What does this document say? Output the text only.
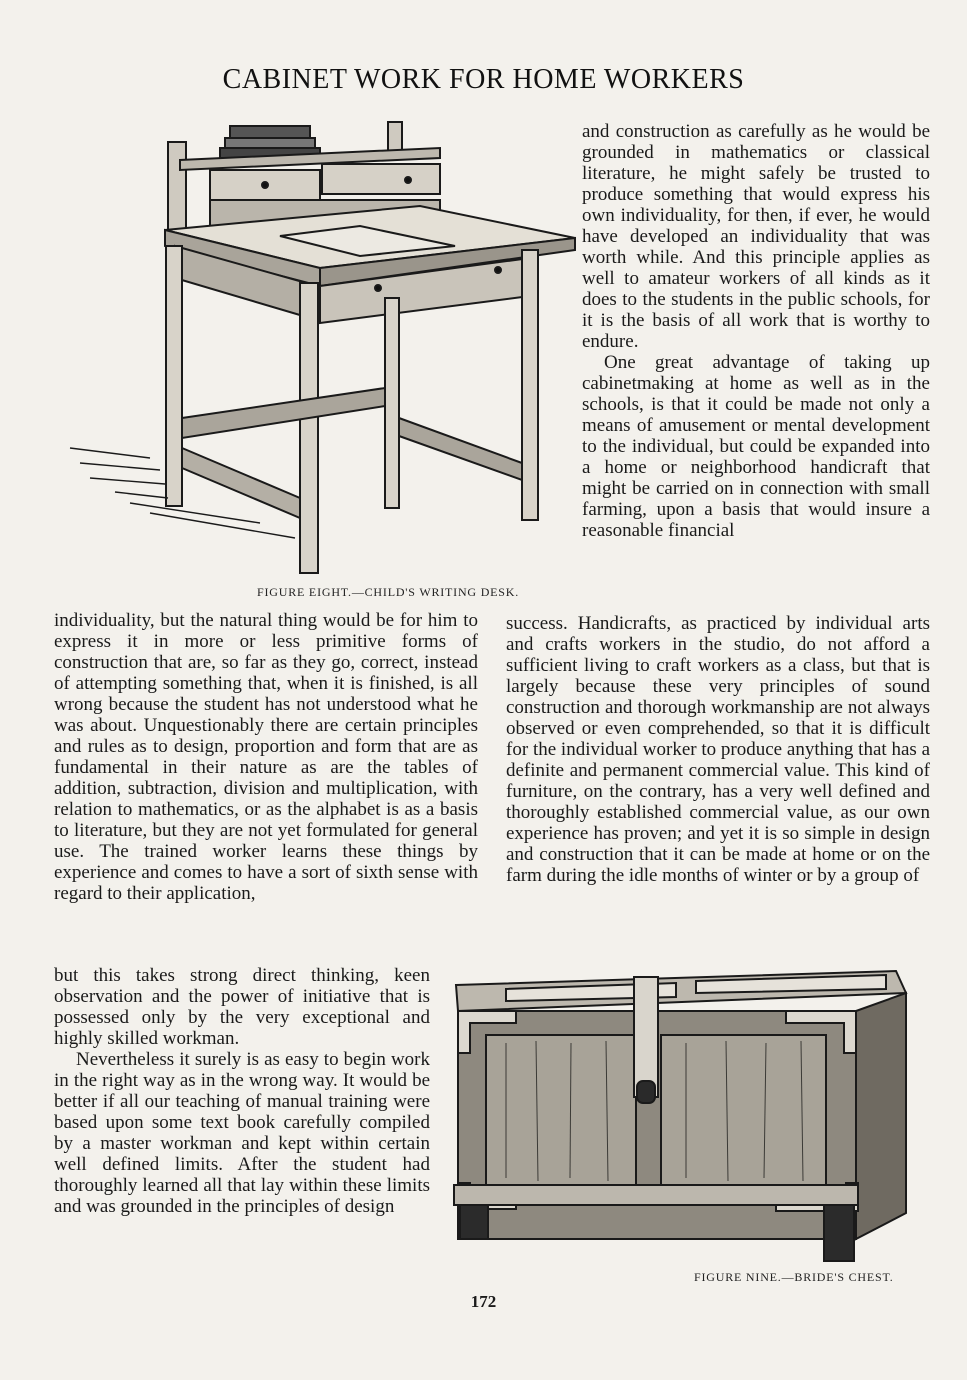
CABINET WORK FOR HOME WORKERS
FIGURE EIGHT.—CHILD'S WRITING DESK.

and construction as carefully as he would be grounded in mathematics or classical literature, he might safely be trusted to produce something that would express his own individuality, for then, if ever, he would have developed an individuality that was worth while. And this principle applies as well to amateur workers of all kinds as it does to the students in the public schools, for it is the basis of all work that is worthy to endure.

One great advantage of taking up cabinetmaking at home as well as in the schools, is that it could be made not only a means of amusement or mental development to the individual, but could be expanded into a home or neighborhood handicraft that might be carried on in connection with small farming, upon a basis that would insure a reasonable financial

individuality, but the natural thing would be for him to express it in more or less primitive forms of construction that are, so far as they go, correct, instead of attempting something that, when it is finished, is all wrong because the student has not understood what he was about. Unquestionably there are certain principles and rules as to design, proportion and form that are as fundamental in their nature as are the tables of addition, subtraction, division and multiplication, with relation to mathematics, or as the alphabet is as a basis to literature, but they are not yet formulated for general use. The trained worker learns these things by experience and comes to have a sort of sixth sense with regard to their application,

success. Handicrafts, as practiced by individual arts and crafts workers in the studio, do not afford a sufficient living to craft workers as a class, but that is largely because these very principles of sound construction and thorough workmanship are not always observed or even comprehended, so that it is difficult for the individual worker to produce anything that has a definite and permanent commercial value. This kind of furniture, on the contrary, has a very well defined and thoroughly established commercial value, as our own experience has proven; and yet it is so simple in design and construction that it can be made at home or on the farm during the idle months of winter or by a group of

but this takes strong direct thinking, keen observation and the power of initiative that is possessed only by the very exceptional and highly skilled workman.

Nevertheless it surely is as easy to begin work in the right way as in the wrong way. It would be better if all our teaching of manual training were based upon some text book carefully compiled by a master workman and kept within certain well defined limits. After the student had thoroughly learned all that lay within these limits and was grounded in the principles of design

FIGURE NINE.—BRIDE'S CHEST.
172
